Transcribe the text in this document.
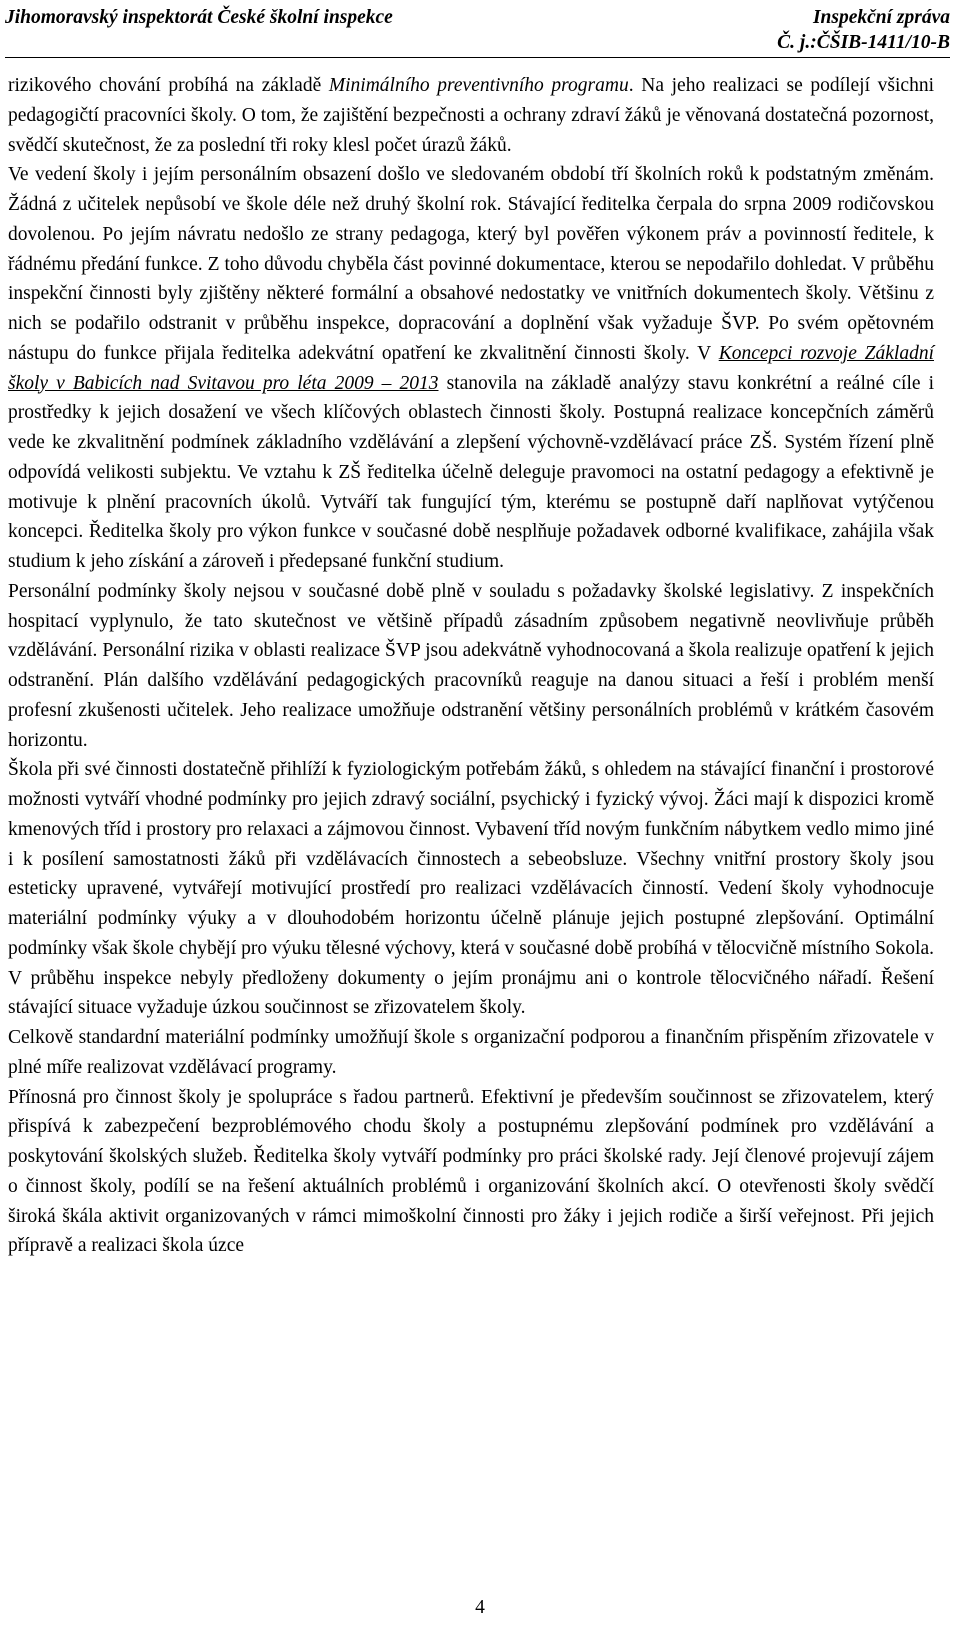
Jihomoravský inspektorát České školní inspekce	Inspekční zpráva
Č. j.:ČŠIB-1411/10-B

rizikového chování probíhá na základě Minimálního preventivního programu. Na jeho realizaci se podílejí všichni pedagogičtí pracovníci školy. O tom, že zajištění bezpečnosti a ochrany zdraví žáků je věnovaná dostatečná pozornost, svědčí skutečnost, že za poslední tři roky klesl počet úrazů žáků.

Ve vedení školy i jejím personálním obsazení došlo ve sledovaném období tří školních roků k podstatným změnám. Žádná z učitelek nepůsobí ve škole déle než druhý školní rok. Stávající ředitelka čerpala do srpna 2009 rodičovskou dovolenou. Po jejím návratu nedošlo ze strany pedagoga, který byl pověřen výkonem práv a povinností ředitele, k řádnému předání funkce. Z toho důvodu chyběla část povinné dokumentace, kterou se nepodařilo dohledat. V průběhu inspekční činnosti byly zjištěny některé formální a obsahové nedostatky ve vnitřních dokumentech školy. Většinu z nich se podařilo odstranit v průběhu inspekce, dopracování a doplnění však vyžaduje ŠVP. Po svém opětovném nástupu do funkce přijala ředitelka adekvátní opatření ke zkvalitnění činnosti školy. V Koncepci rozvoje Základní školy v Babicích nad Svitavou pro léta 2009 – 2013 stanovila na základě analýzy stavu konkrétní a reálné cíle i prostředky k jejich dosažení ve všech klíčových oblastech činnosti školy. Postupná realizace koncepčních záměrů vede ke zkvalitnění podmínek základního vzdělávání a zlepšení výchovně-vzdělávací práce ZŠ. Systém řízení plně odpovídá velikosti subjektu. Ve vztahu k ZŠ ředitelka účelně deleguje pravomoci na ostatní pedagogy a efektivně je motivuje k plnění pracovních úkolů. Vytváří tak fungující tým, kterému se postupně daří naplňovat vytýčenou koncepci. Ředitelka školy pro výkon funkce v současné době nesplňuje požadavek odborné kvalifikace, zahájila však studium k jeho získání a zároveň i předepsané funkční studium.

Personální podmínky školy nejsou v současné době plně v souladu s požadavky školské legislativy. Z inspekčních hospitací vyplynulo, že tato skutečnost ve většině případů zásadním způsobem negativně neovlivňuje průběh vzdělávání. Personální rizika v oblasti realizace ŠVP jsou adekvátně vyhodnocovaná a škola realizuje opatření k jejich odstranění. Plán dalšího vzdělávání pedagogických pracovníků reaguje na danou situaci a řeší i problém menší profesní zkušenosti učitelek. Jeho realizace umožňuje odstranění většiny personálních problémů v krátkém časovém horizontu.

Škola při své činnosti dostatečně přihlíží k fyziologickým potřebám žáků, s ohledem na stávající finanční i prostorové možnosti vytváří vhodné podmínky pro jejich zdravý sociální, psychický i fyzický vývoj. Žáci mají k dispozici kromě kmenových tříd i prostory pro relaxaci a zájmovou činnost. Vybavení tříd novým funkčním nábytkem vedlo mimo jiné i k posílení samostatnosti žáků při vzdělávacích činnostech a sebeobsluze. Všechny vnitřní prostory školy jsou esteticky upravené, vytvářejí motivující prostředí pro realizaci vzdělávacích činností. Vedení školy vyhodnocuje materiální podmínky výuky a v dlouhodobém horizontu účelně plánuje jejich postupné zlepšování. Optimální podmínky však škole chybějí pro výuku tělesné výchovy, která v současné době probíhá v tělocvičně místního Sokola. V průběhu inspekce nebyly předloženy dokumenty o jejím pronájmu ani o kontrole tělocvičného nářadí. Řešení stávající situace vyžaduje úzkou součinnost se zřizovatelem školy.

Celkově standardní materiální podmínky umožňují škole s organizační podporou a finančním přispěním zřizovatele v plné míře realizovat vzdělávací programy.

Přínosná pro činnost školy je spolupráce s řadou partnerů. Efektivní je především součinnost se zřizovatelem, který přispívá k zabezpečení bezproblémového chodu školy a postupnému zlepšování podmínek pro vzdělávání a poskytování školských služeb. Ředitelka školy vytváří podmínky pro práci školské rady. Její členové projevují zájem o činnost školy, podílí se na řešení aktuálních problémů i organizování školních akcí. O otevřenosti školy svědčí široká škála aktivit organizovaných v rámci mimoškolní činnosti pro žáky i jejich rodiče a širší veřejnost. Při jejich přípravě a realizaci škola úzce

4
